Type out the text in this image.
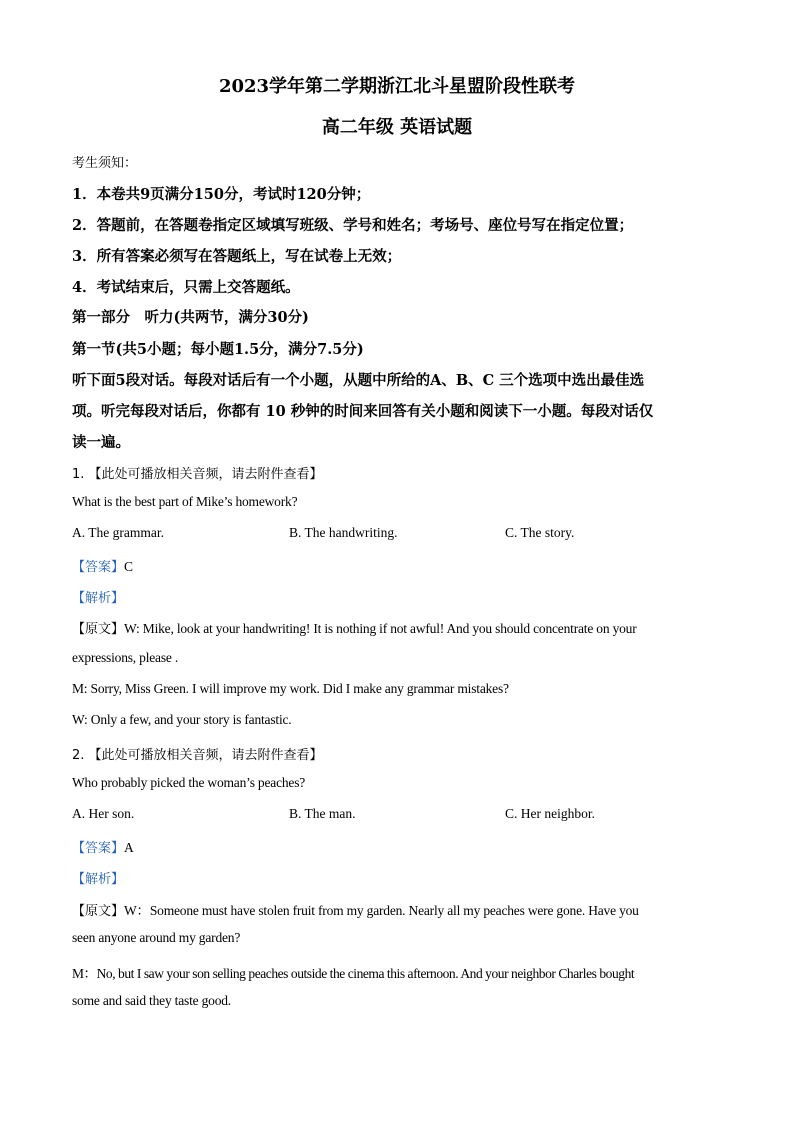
2023学年第二学期浙江北斗星盟阶段性联考
高二年级 英语试题
考生须知：
1．本卷共9页满分150分，考试时120分钟；
2．答题前，在答题卷指定区域填写班级、学号和姓名；考场号、座位号写在指定位置；
3．所有答案必须写在答题纸上，写在试卷上无效；
4．考试结束后，只需上交答题纸。
第一部分　听力(共两节，满分30分)
第一节(共5小题；每小题1.5分，满分7.5分)
听下面5段对话。每段对话后有一个小题，从题中所给的A、B、C 三个选项中选出最佳选
项。听完每段对话后，你都有 10 秒钟的时间来回答有关小题和阅读下一小题。每段对话仅
读一遍。
1. 【此处可播放相关音频，请去附件查看】
What is the best part of Mike’s homework?
A. The grammar.	B. The handwriting.	C. The story.
【答案】C
【解析】
【原文】W: Mike, look at your handwriting! It is nothing if not awful! And you should concentrate on your
expressions, please .
M: Sorry, Miss Green. I will improve my work. Did I make any grammar mistakes?
W: Only a few, and your story is fantastic.
2. 【此处可播放相关音频，请去附件查看】
Who probably picked the woman’s peaches?
A. Her son.	B. The man.	C. Her neighbor.
【答案】A
【解析】
【原文】W：Someone must have stolen fruit from my garden. Nearly all my peaches were gone. Have you
seen anyone around my garden?
M：No, but I saw your son selling peaches outside the cinema this afternoon. And your neighbor Charles bought
some and said they taste good.
